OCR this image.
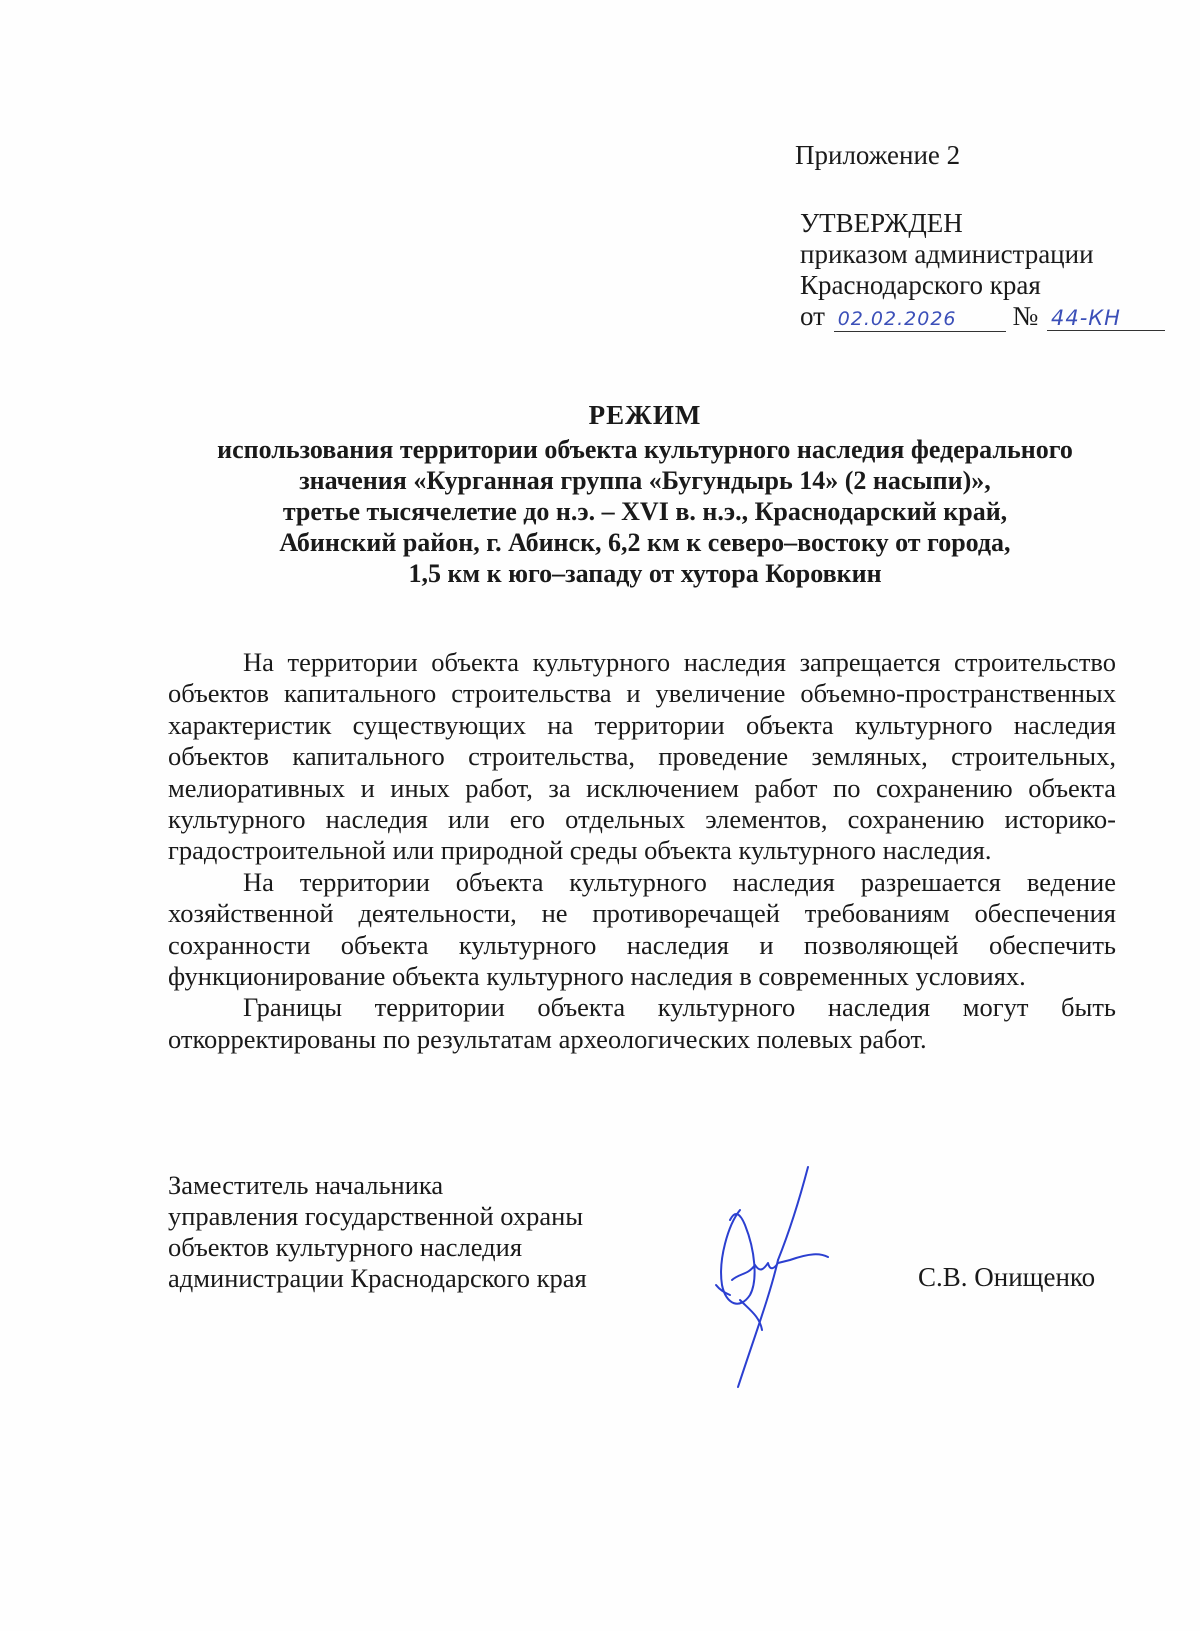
Приложение 2
УТВЕРЖДЕН
приказом администрации
Краснодарского края
от 02.02.2026 № 44-КН
РЕЖИМ
использования территории объекта культурного наследия федерального
значения «Курганная группа «Бугундырь 14» (2 насыпи)»,
третье тысячелетие до н.э. – XVI в. н.э., Краснодарский край,
Абинский район, г. Абинск, 6,2 км к северо–востоку от города,
1,5 км к юго–западу от хутора Коровкин

На территории объекта культурного наследия запрещается строительство объектов капитального строительства и увеличение объемно-пространственных характеристик существующих на территории объекта культурного наследия объектов капитального строительства, проведение земляных, строительных, мелиоративных и иных работ, за исключением работ по сохранению объекта культурного наследия или его отдельных элементов, сохранению историко-градостроительной или природной среды объекта культурного наследия.

На территории объекта культурного наследия разрешается ведение хозяйственной деятельности, не противоречащей требованиям обеспечения сохранности объекта культурного наследия и позволяющей обеспечить функционирование объекта культурного наследия в современных условиях.

Границы территории объекта культурного наследия могут быть откорректированы по результатам археологических полевых работ.

Заместитель начальника
управления государственной охраны
объектов культурного наследия
администрации Краснодарского края	С.В. Онищенко
